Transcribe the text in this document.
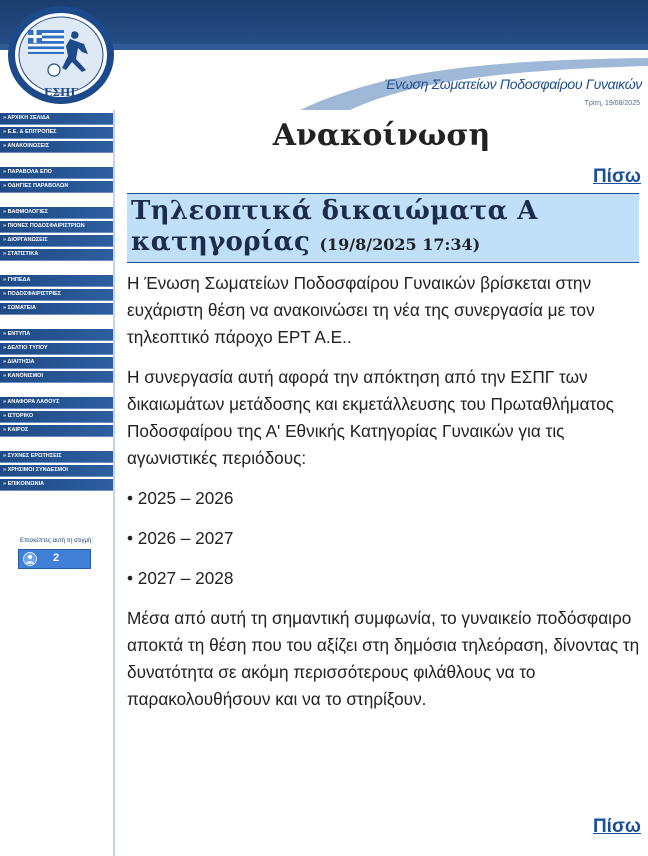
ΕΣΠΓ
Ένωση Σωματείων Ποδοσφαίρου Γυναικών
Τρίτη, 19/08/2025
» ΑΡΧΙΚΗ ΣΕΛΙΔΑ
» Ε.Ε. & ΕΠΙΤΡΟΠΕΣ
» ΑΝΑΚΟΙΝΩΣΕΙΣ
» ΠΑΡΑΒΟΛΑ ΕΠΟ
» ΟΔΗΓΙΕΣ ΠΑΡΑΒΟΛΩΝ
» ΒΑΘΜΟΛΟΓΙΕΣ
» ΠΙΟΝΕΣ ΠΟΔΟΣΦΑΙΡΙΣΤΡΙΩΝ
» ΔΙΟΡΓΑΝΩΣΕΙΣ
» ΣΤΑΤΙΣΤΙΚΑ
» ΓΗΠΕΔΑ
» ΠΟΔΟΣΦΑΙΡΙΣΤΡΙΕΣ
» ΣΩΜΑΤΕΙΑ
» ΕΝΤΥΠΑ
» ΔΕΛΤΙΟ ΤΥΠΟΥ
» ΔΙΑΙΤΗΣΙΑ
» ΚΑΝΟΝΙΣΜΟΙ
» ΑΝΑΦΟΡΑ ΛΑΘΟΥΣ
» ΙΣΤΟΡΙΚΟ
» ΚΑΙΡΟΣ
» ΣΥΧΝΕΣ ΕΡΩΤΗΣΕΙΣ
» ΧΡΗΣΙΜΟΙ ΣΥΝΔΕΣΜΟΙ
» ΕΠΙΚΟΙΝΩΝΙΑ
Επισκέπτες αυτή τη στιγμή:
2
Ανακοίνωση
Πίσω
Τηλεοπτικά δικαιώματα Α
κατηγορίας (19/8/2025 17:34)

Η Ένωση Σωματείων Ποδοσφαίρου Γυναικών βρίσκεται στην ευχάριστη θέση να ανακοινώσει τη νέα της συνεργασία με τον τηλεοπτικό πάροχο ΕΡΤ Α.Ε..

Η συνεργασία αυτή αφορά την απόκτηση από την ΕΣΠΓ των δικαιωμάτων μετάδοσης και εκμετάλλευσης του Πρωταθλήματος Ποδοσφαίρου της Α' Εθνικής Κατηγορίας Γυναικών για τις αγωνιστικές περιόδους:

• 2025 – 2026

• 2026 – 2027

• 2027 – 2028

Μέσα από αυτή τη σημαντική συμφωνία, το γυναικείο ποδόσφαιρο αποκτά τη θέση που του αξίζει στη δημόσια τηλεόραση, δίνοντας τη δυνατότητα σε ακόμη περισσότερους φιλάθλους να το παρακολουθήσουν και να το στηρίξουν.

Πίσω
